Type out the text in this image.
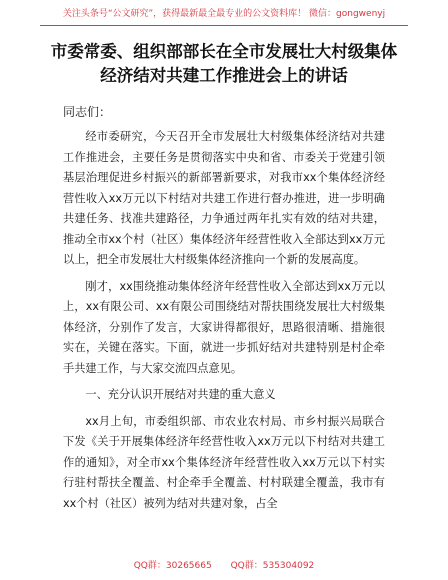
关注头条号“公文研究”，获得最新最全最专业的公文资料库！ 微信：gongwenyj
市委常委、组织部部长在全市发展壮大村级集体经济结对共建工作推进会上的讲话
同志们：

经市委研究，今天召开全市发展壮大村级集体经济结对共建工作推进会，主要任务是贯彻落实中央和省、市委关于党建引领基层治理促进乡村振兴的新部署新要求，对我市xx个集体经济经营性收入xx万元以下村结对共建工作进行督办推进，进一步明确共建任务、找准共建路径，力争通过两年扎实有效的结对共建，推动全市xx个村（社区）集体经济年经营性收入全部达到xx万元以上，把全市发展壮大村级集体经济推向一个新的发展高度。

刚才，xx围绕推动集体经济年经营性收入全部达到xx万元以上，xx有限公司、xx有限公司围绕结对帮扶围绕发展壮大村级集体经济，分别作了发言，大家讲得都很好，思路很清晰、措施很实在，关键在落实。下面，就进一步抓好结对共建特别是村企牵手共建工作，与大家交流四点意见。

一、充分认识开展结对共建的重大意义

xx月上旬，市委组织部、市农业农村局、市乡村振兴局联合下发《关于开展集体经济年经营性收入xx万元以下村结对共建工作的通知》，对全市xx个集体经济年经营性收入xx万元以下村实行驻村帮扶全覆盖、村企牵手全覆盖、村村联建全覆盖，我市有xx个村（社区）被列为结对共建对象，占全

QQ群：30265665 QQ群：535304092
